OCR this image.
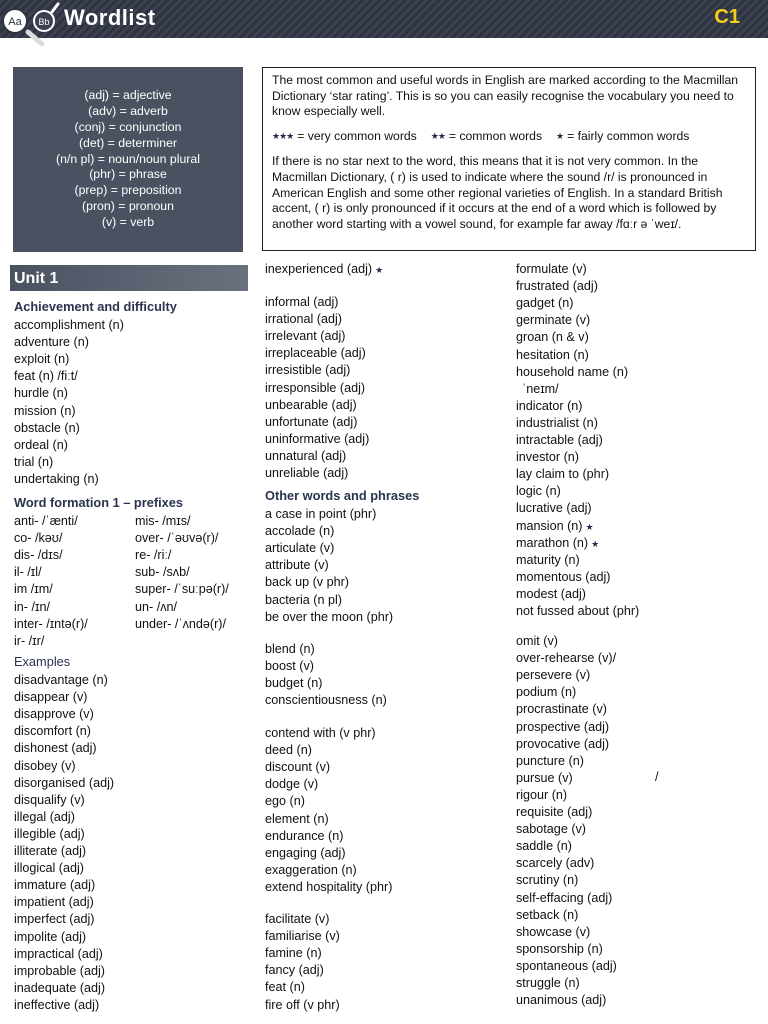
Aa Bb Wordlist	C1
(adj) = adjective
(adv) = adverb
(conj) = conjunction
(det) = determiner
(n/n pl) = noun/noun plural
(phr) = phrase
(prep) = preposition
(pron) = pronoun
(v) = verb

The most common and useful words in English are marked according to the Macmillan Dictionary ‘star rating’. This is so you can easily recognise the vocabulary you need to know especially well.

★★★ = very common words ★★ = common words ★ = fairly common words

If there is no star next to the word, this means that it is not very common. In the Macmillan Dictionary, ( r) is used to indicate where the sound /r/ is pronounced in American English and some other regional varieties of English. In a standard British accent, ( r) is only pronounced if it occurs at the end of a word which is followed by another word starting with a vowel sound, for example far away /fɑːr ə ˈweɪ/.

Unit 1
Achievement and difficulty
accomplishment (n)
adventure (n)
exploit (n)
feat (n) /fiːt/
hurdle (n)
mission (n)
obstacle (n)
ordeal (n)
trial (n)
undertaking (n)
Word formation 1 – prefixes
anti- /ˈænti/
co- /kəʊ/
dis- /dɪs/
il- /ɪl/
im /ɪm/
in- /ɪn/
inter- /ɪntə(r)/
ir- /ɪr/
mis- /mɪs/
over- /ˈəʊvə(r)/
re- /riː/
sub- /sʌb/
super- /ˈsuːpə(r)/
un- /ʌn/
under- /ˈʌndə(r)/
Examples
disadvantage (n)
disappear (v)
disapprove (v)
discomfort (n)
dishonest (adj)
disobey (v)
disorganised (adj)
disqualify (v)
illegal (adj)
illegible (adj)
illiterate (adj)
illogical (adj)
immature (adj)
impatient (adj)
imperfect (adj)
impolite (adj)
impractical (adj)
improbable (adj)
inadequate (adj)
ineffective (adj)
inexperienced (adj) ★
informal (adj)
irrational (adj)
irrelevant (adj)
irreplaceable (adj)
irresistible (adj)
irresponsible (adj)
unbearable (adj)
unfortunate (adj)
uninformative (adj)
unnatural (adj)
unreliable (adj)
Other words and phrases
a case in point (phr)
accolade (n)
articulate (v)
attribute (v)
back up (v phr)
bacteria (n pl)
be over the moon (phr)
blend (n)
boost (v)
budget (n)
conscientiousness (n)
contend with (v phr)
deed (n)
discount (v)
dodge (v)
ego (n)
element (n)
endurance (n)
engaging (adj)
exaggeration (n)
extend hospitality (phr)
facilitate (v)
familiarise (v)
famine (n)
fancy (adj)
feat (n)
fire off (v phr)
formulate (v)
frustrated (adj)
gadget (n)
germinate (v)
groan (n & v)
hesitation (n)
household name (n)
ˈneɪm/
indicator (n)
industrialist (n)
intractable (adj)
investor (n)
lay claim to (phr)
logic (n)
lucrative (adj)
mansion (n) ★
marathon (n) ★
maturity (n)
momentous (adj)
modest (adj)
not fussed about (phr)
omit (v)
over-rehearse (v)/
persevere (v)
podium (n)
procrastinate (v)
prospective (adj)
provocative (adj)
puncture (n)
pursue (v)
rigour (n)
requisite (adj)
sabotage (v)
saddle (n)
scarcely (adv)
scrutiny (n)
self-effacing (adj)
setback (n)
showcase (v)
sponsorship (n)
spontaneous (adj)
struggle (n)
unanimous (adj)
/
